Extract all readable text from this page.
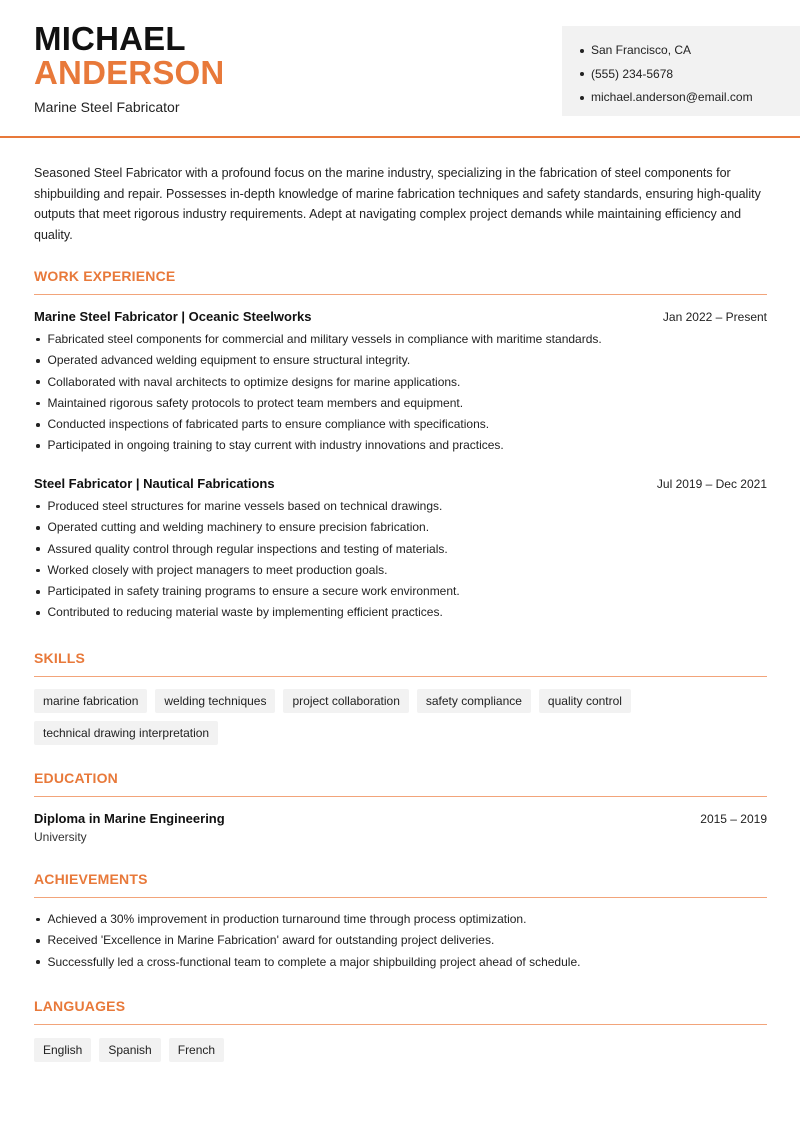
MICHAEL
ANDERSON
Marine Steel Fabricator
San Francisco, CA
(555) 234-5678
michael.anderson@email.com
Seasoned Steel Fabricator with a profound focus on the marine industry, specializing in the fabrication of steel components for shipbuilding and repair. Possesses in-depth knowledge of marine fabrication techniques and safety standards, ensuring high-quality outputs that meet rigorous industry requirements. Adept at navigating complex project demands while maintaining efficiency and quality.
WORK EXPERIENCE
Marine Steel Fabricator | Oceanic Steelworks	Jan 2022 – Present
Fabricated steel components for commercial and military vessels in compliance with maritime standards.
Operated advanced welding equipment to ensure structural integrity.
Collaborated with naval architects to optimize designs for marine applications.
Maintained rigorous safety protocols to protect team members and equipment.
Conducted inspections of fabricated parts to ensure compliance with specifications.
Participated in ongoing training to stay current with industry innovations and practices.
Steel Fabricator | Nautical Fabrications	Jul 2019 – Dec 2021
Produced steel structures for marine vessels based on technical drawings.
Operated cutting and welding machinery to ensure precision fabrication.
Assured quality control through regular inspections and testing of materials.
Worked closely with project managers to meet production goals.
Participated in safety training programs to ensure a secure work environment.
Contributed to reducing material waste by implementing efficient practices.
SKILLS
marine fabrication	welding techniques	project collaboration	safety compliance	quality control
technical drawing interpretation
EDUCATION
Diploma in Marine Engineering	2015 – 2019
University
ACHIEVEMENTS
Achieved a 30% improvement in production turnaround time through process optimization.
Received 'Excellence in Marine Fabrication' award for outstanding project deliveries.
Successfully led a cross-functional team to complete a major shipbuilding project ahead of schedule.
LANGUAGES
English	Spanish	French
